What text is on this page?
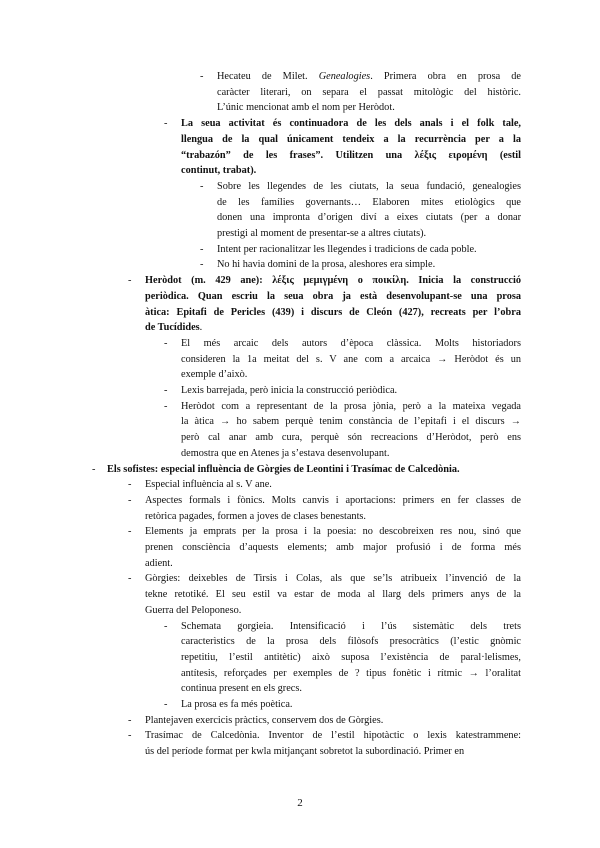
- Hecateu de Milet. Genealogies. Primera obra en prosa de
caràcter literari, on separa el passat mitològic del històric.
L’únic mencionat amb el nom per Heròdot.
- La seua activitat és continuadora de les dels anals i el folk tale,
llengua de la qual únicament tendeix a la recurrència per a la
“trabazón” de les frases”. Utilitzen una λέξις ειρομένη (estil
continut, trabat).
- Sobre les llegendes de les ciutats, la seua fundació, genealogies
de les famílies governants… Elaboren mites etiològics que
donen una impronta d’origen diví a eixes ciutats (per a donar
prestigi al moment de presentar-se a altres ciutats).
- Intent per racionalitzar les llegendes i tradicions de cada poble.
- No hi havia domini de la prosa, aleshores era simple.
- Heròdot (m. 429 ane): λέξις μεμιγμένη ο ποικίλη. Inicia la construcció
periòdica. Quan escriu la seua obra ja està desenvolupant-se una prosa
àtica: Epitafi de Pericles (439) i discurs de Cleón (427), recreats per l’obra
de Tucídides.
- El més arcaic dels autors d’època clàssica. Molts historiadors
consideren la 1a meitat del s. V ane com a arcaica → Heròdot és un
exemple d’això.
- Lexis barrejada, però inicia la construcció periòdica.
- Heròdot com a representant de la prosa jònia, però a la mateixa vegada
la àtica → ho sabem perquè tenim constància de l’epitafi i el discurs →
però cal anar amb cura, perquè són recreacions d’Heròdot, però ens
demostra que en Atenes ja s’estava desenvolupant.
- Els sofistes: especial influència de Gòrgies de Leontini i Trasímac de Calcedònia.
- Especial influència al s. V ane.
- Aspectes formals i fònics. Molts canvis i aportacions: primers en fer classes de
retòrica pagades, formen a joves de clases benestants.
- Elements ja emprats per la prosa i la poesia: no descobreixen res nou, sinó que
prenen consciència d’aquests elements; amb major profusió i de forma més
adient.
- Gòrgies: deixebles de Tirsis i Colas, als que se’ls atribueix l’invenció de la
tekne retotiké. El seu estil va estar de moda al llarg dels primers anys de la
Guerra del Peloponeso.
- Schemata gorgieia. Intensificació i l’ús sistemàtic dels trets
caracterìstics de la prosa dels filòsofs presocràtics (l’estic gnòmic
repetitiu, l’estil antitètic) això suposa l’existència de paral·lelismes,
antítesis, reforçades per exemples de ? tipus fonètic i rítmic → l’oralitat
continua present en els grecs.
- La prosa es fa més poètica.
- Plantejaven exercicis pràctics, conservem dos de Gòrgies.
- Trasímac de Calcedònia. Inventor de l’estil hipotàctic o lexis katestrammene:
ús del període format per kwla mitjançant sobretot la subordinació. Primer en
2
